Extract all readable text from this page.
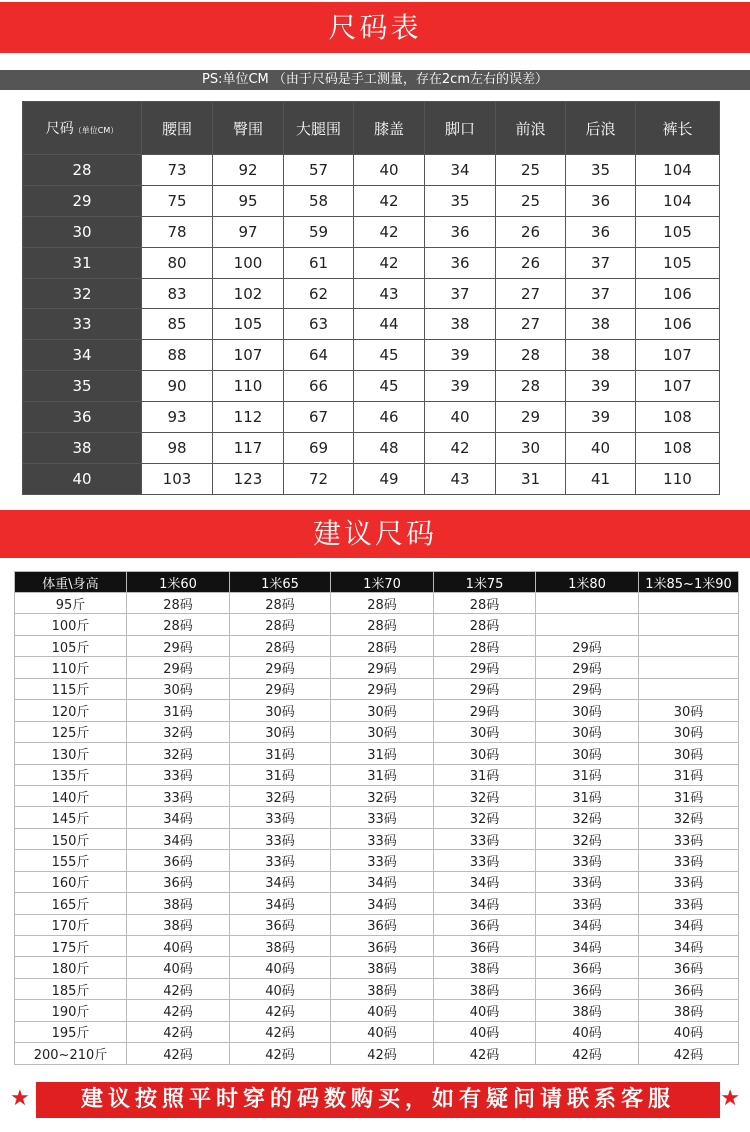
尺码表
PS:单位CM （由于尺码是手工测量，存在2cm左右的误差）
尺码（单位CM）	腰围	臀围	大腿围	膝盖	脚口	前浪	后浪	裤长
28	73	92	57	40	34	25	35	104
29	75	95	58	42	35	25	36	104
30	78	97	59	42	36	26	36	105
31	80	100	61	42	36	26	37	105
32	83	102	62	43	37	27	37	106
33	85	105	63	44	38	27	38	106
34	88	107	64	45	39	28	38	107
35	90	110	66	45	39	28	39	107
36	93	112	67	46	40	29	39	108
38	98	117	69	48	42	30	40	108
40	103	123	72	49	43	31	41	110
建议尺码
体重\身高	1米60	1米65	1米70	1米75	1米80	1米85~1米90
95斤	28码	28码	28码	28码		
100斤	28码	28码	28码	28码		
105斤	29码	28码	28码	28码	29码	
110斤	29码	29码	29码	29码	29码	
115斤	30码	29码	29码	29码	29码	
120斤	31码	30码	30码	29码	30码	30码
125斤	32码	30码	30码	30码	30码	30码
130斤	32码	31码	31码	30码	30码	30码
135斤	33码	31码	31码	31码	31码	31码
140斤	33码	32码	32码	32码	31码	31码
145斤	34码	33码	33码	32码	32码	32码
150斤	34码	33码	33码	33码	32码	33码
155斤	36码	33码	33码	33码	33码	33码
160斤	36码	34码	34码	34码	33码	33码
165斤	38码	34码	34码	34码	33码	33码
170斤	38码	36码	36码	36码	34码	34码
175斤	40码	38码	36码	36码	34码	34码
180斤	40码	40码	38码	38码	36码	36码
185斤	42码	40码	38码	38码	36码	36码
190斤	42码	42码	40码	40码	38码	38码
195斤	42码	42码	40码	40码	40码	40码
200~210斤	42码	42码	42码	42码	42码	42码
★	建议按照平时穿的码数购买，如有疑问请联系客服	★
